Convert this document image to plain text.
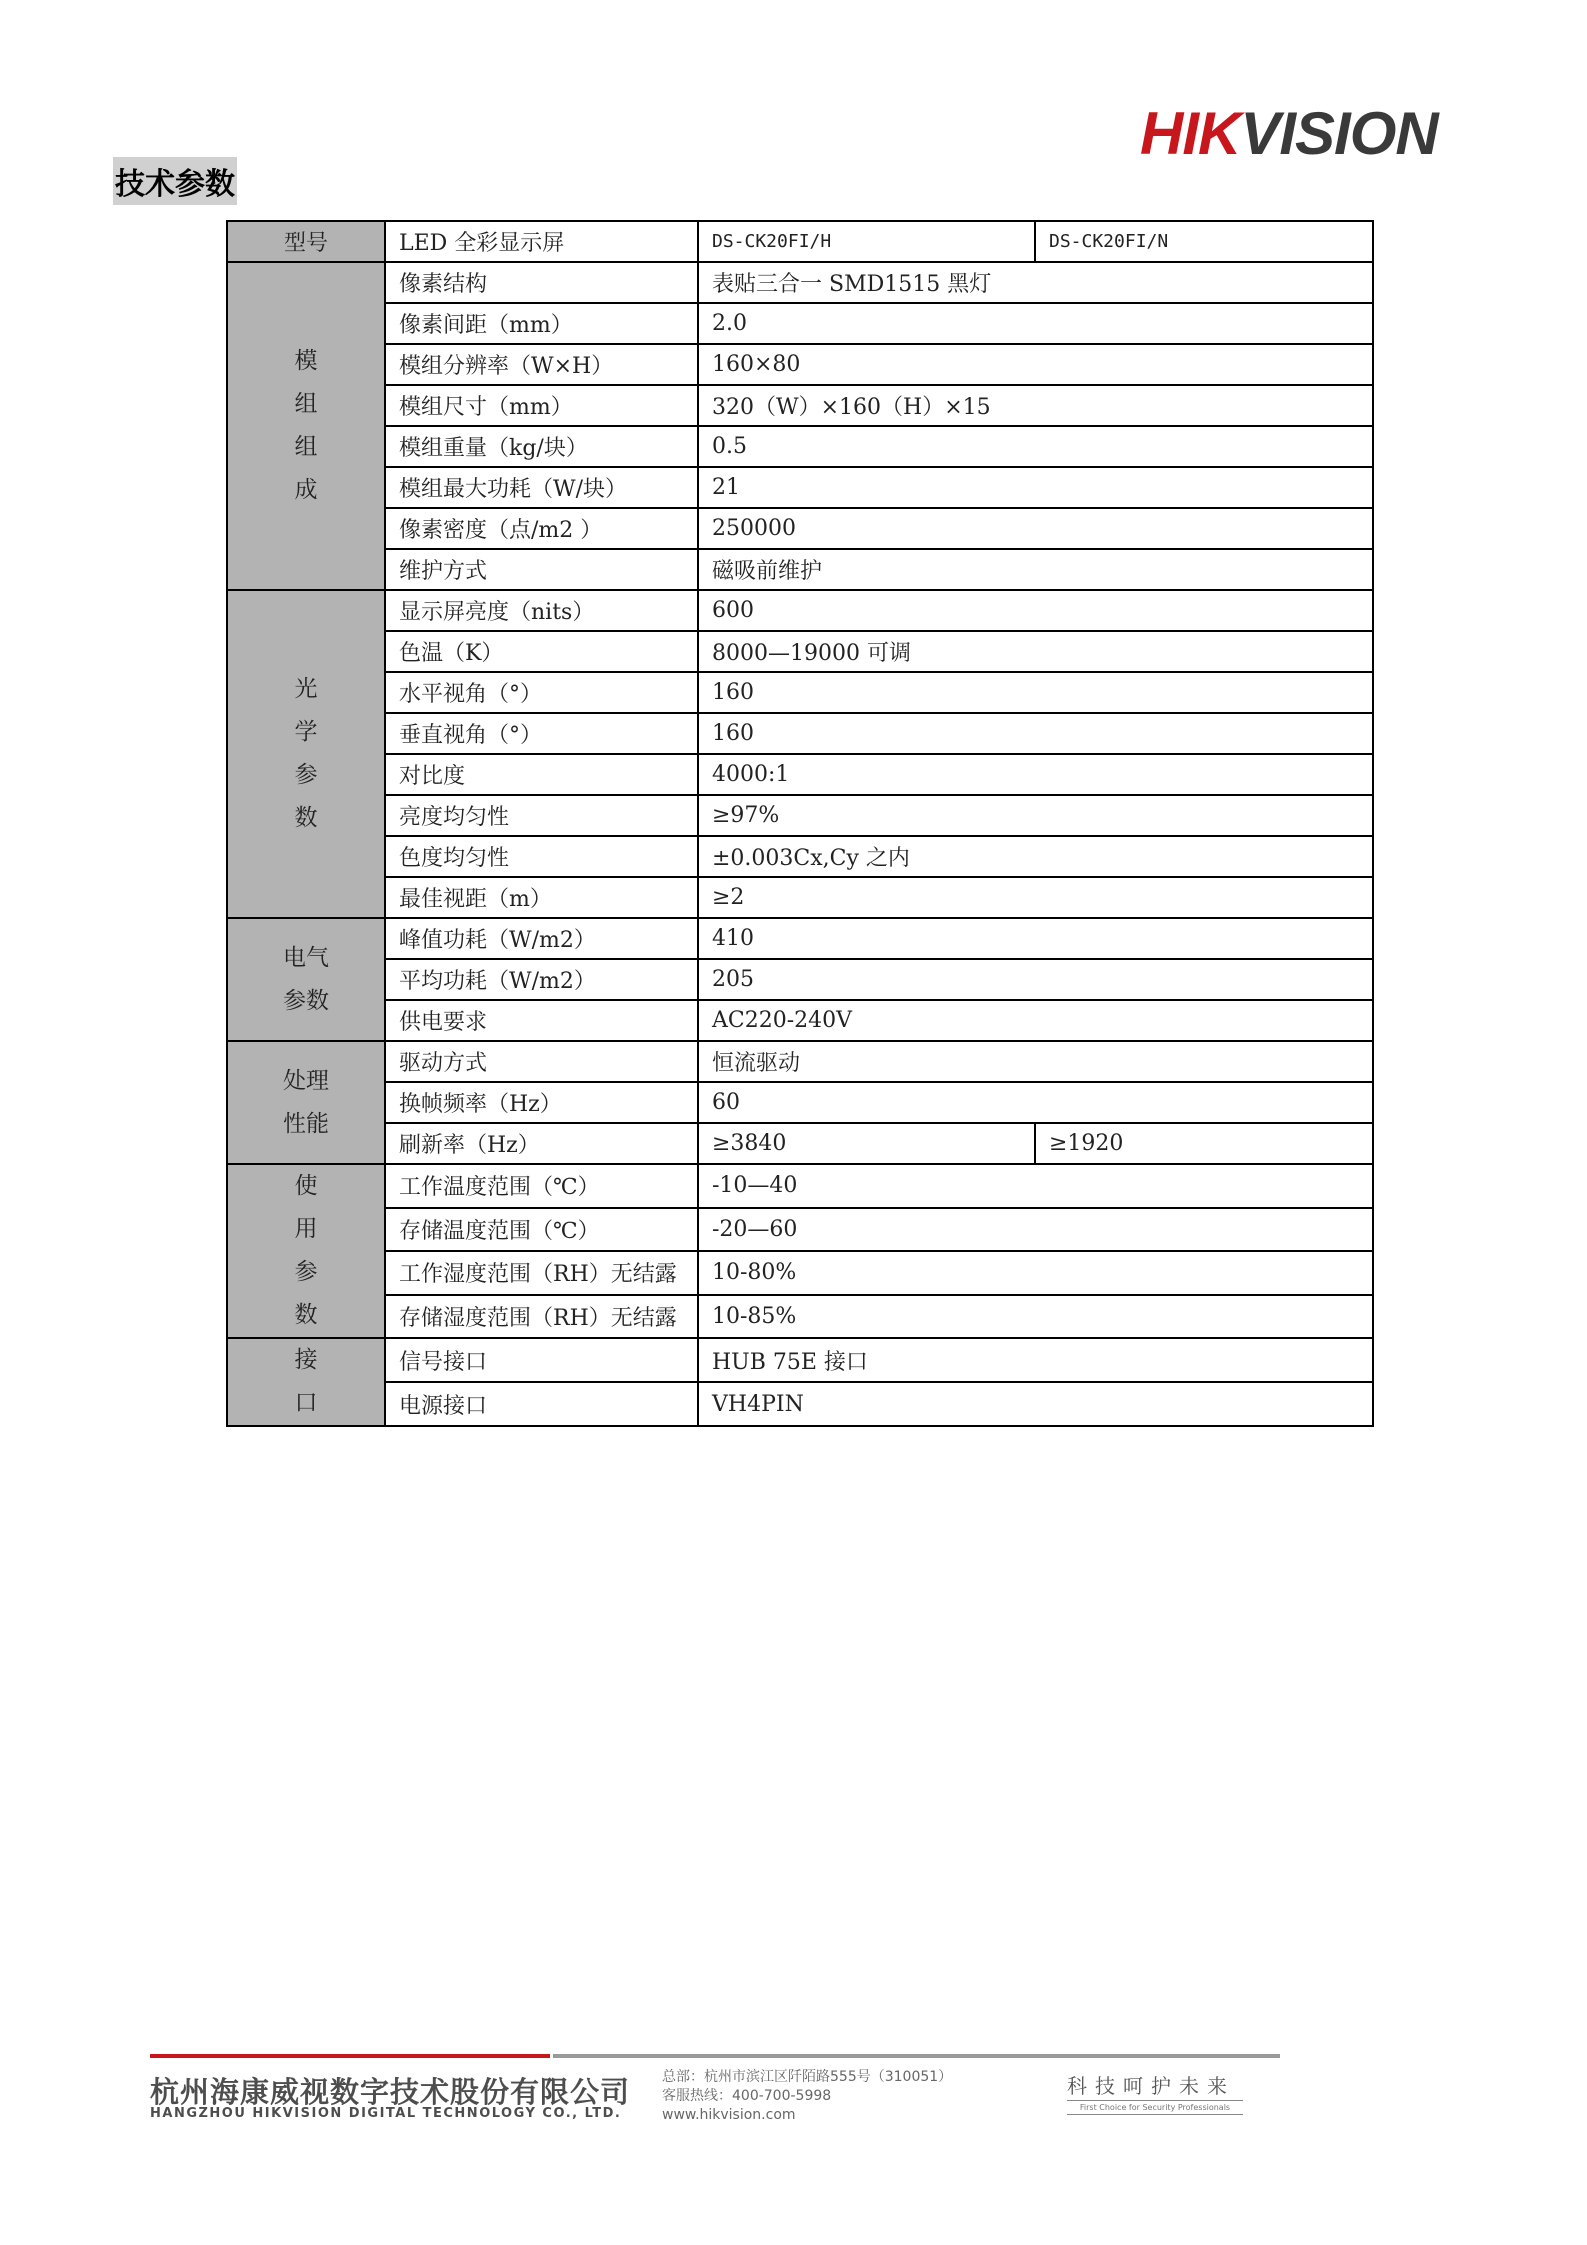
HIKVISION
技术参数
型号	LED 全彩显示屏	DS-CK20FI/H	DS-CK20FI/N
模
组
组
成	像素结构	表贴三合一 SMD1515 黑灯	
	像素间距（mm）	2.0	
	模组分辨率（W×H）	160×80	
	模组尺寸（mm）	320（W）×160（H）×15	
	模组重量（kg/块）	0.5	
	模组最大功耗（W/块）	21	
	像素密度（点/m2 ）	250000	
	维护方式	磁吸前维护	
光
学
参
数	显示屏亮度（nits）	600	
	色温（K）	8000—19000 可调	
	水平视角（°）	160	
	垂直视角（°）	160	
	对比度	4000:1	
	亮度均匀性	≥97%	
	色度均匀性	±0.003Cx,Cy 之内	
	最佳视距（m）	≥2	
电气
参数	峰值功耗（W/m2）	410	
	平均功耗（W/m2）	205	
	供电要求	AC220-240V	
处理
性能	驱动方式	恒流驱动	
	换帧频率（Hz）	60	
	刷新率（Hz）	≥3840	≥1920
使
用
参
数	工作温度范围（℃）	-10—40	
	存储温度范围（℃）	-20—60	
	工作湿度范围（RH）无结露	10-80%	
	存储湿度范围（RH）无结露	10-85%	
接
口	信号接口	HUB 75E 接口	
	电源接口	VH4PIN	
杭州海康威视数字技术股份有限公司
HANGZHOU HIKVISION DIGITAL TECHNOLOGY CO., LTD.
总部：杭州市滨江区阡陌路555号（310051）
客服热线：400-700-5998
www.hikvision.com
科技呵护未来
First Choice for Security Professionals
